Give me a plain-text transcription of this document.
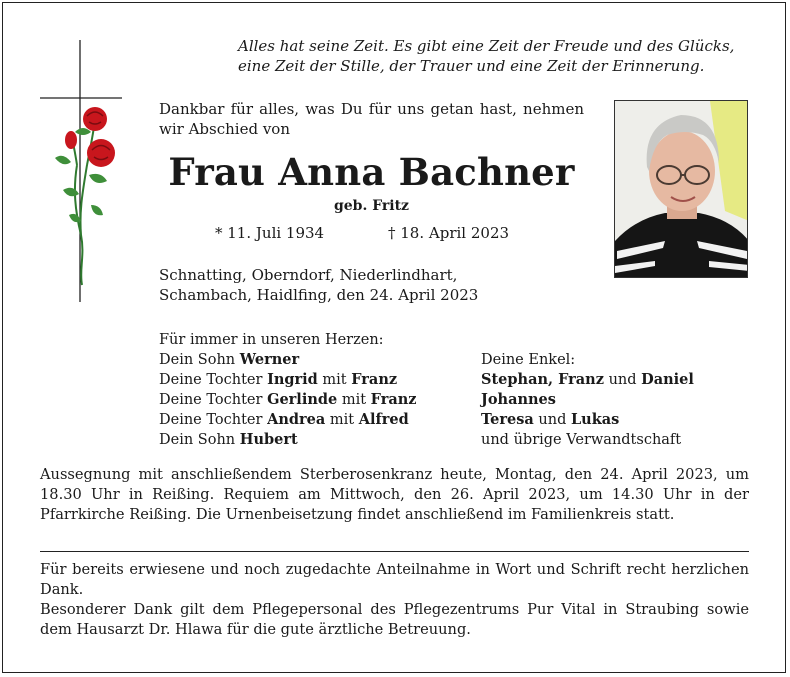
Alles hat seine Zeit. Es gibt eine Zeit der Freude und des Glücks,
eine Zeit der Stille, der Trauer und eine Zeit der Erinnerung.
Dankbar für alles, was Du für uns getan hast, nehmen wir Abschied von
Frau Anna Bachner
geb. Fritz
* 11. Juli 1934	† 18. April 2023
Schnatting, Oberndorf, Niederlindhart,
Schambach, Haidlfing, den 24. April 2023
Für immer in unseren Herzen:
Dein Sohn Werner	Deine Enkel:
Deine Tochter Ingrid mit Franz	Stephan, Franz und Daniel
Deine Tochter Gerlinde mit Franz	Johannes
Deine Tochter Andrea mit Alfred	Teresa und Lukas
Dein Sohn Hubert	und übrige Verwandtschaft
Aussegnung mit anschließendem Sterberosenkranz heute, Montag, den 24. April 2023, um 18.30 Uhr in Reißing. Requiem am Mittwoch, den 26. April 2023, um 14.30 Uhr in der Pfarrkirche Reißing. Die Urnenbeisetzung findet anschließend im Familienkreis statt.
Für bereits erwiesene und noch zugedachte Anteilnahme in Wort und Schrift recht herzlichen Dank.
Besonderer Dank gilt dem Pflegepersonal des Pflegezentrums Pur Vital in Straubing sowie dem Hausarzt Dr. Hlawa für die gute ärztliche Betreuung.
